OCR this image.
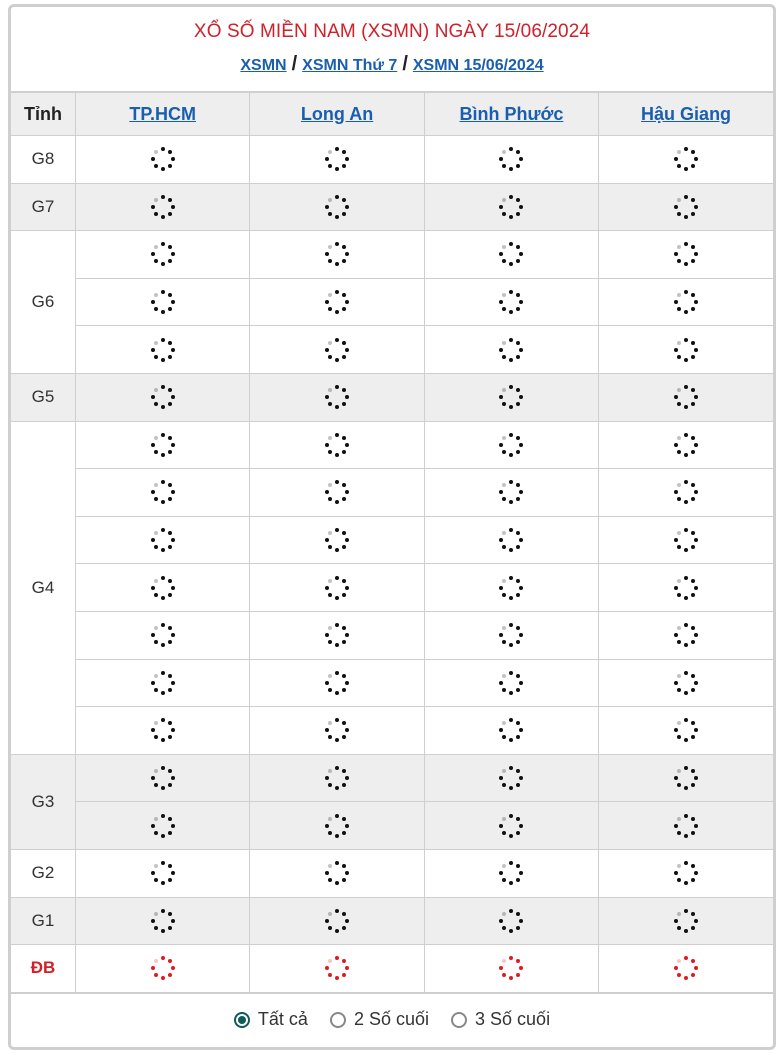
XỔ SỐ MIỀN NAM (XSMN) NGÀY 15/06/2024
XSMN / XSMN Thứ 7 / XSMN 15/06/2024
Tỉnh	TP.HCM	Long An	Bình Phước	Hậu Giang
G8	

G7	

G6	

G5	

G4	

G3	

G2	

G1	

ĐB	

Tất cả	2 Số cuối	3 Số cuối
